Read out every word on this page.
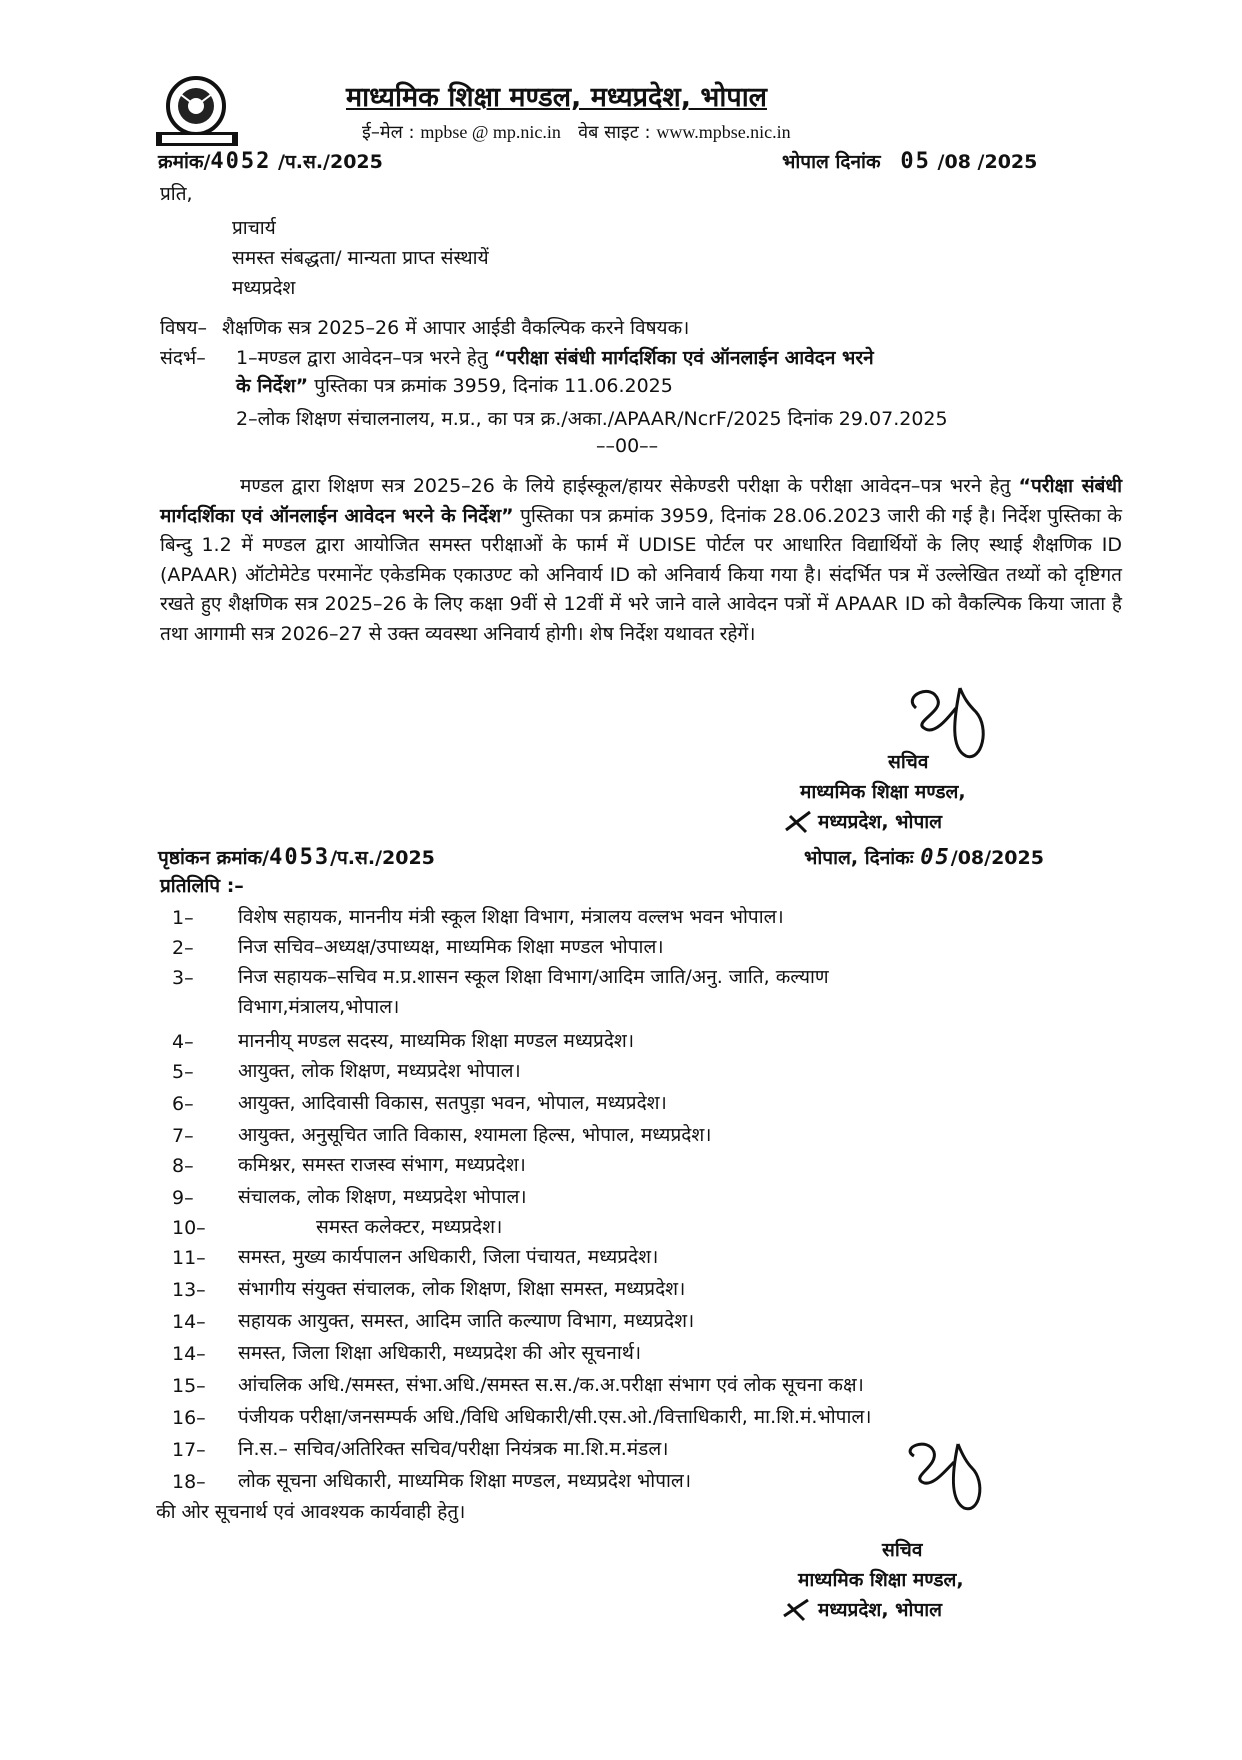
माध्यमिक शिक्षा मण्डल, मध्यप्रदेश, भोपाल
ई–मेल : mpbse @ mp.nic.in वेब साइट : www.mpbse.nic.in
क्रमांक/4052 /प.स./2025	भोपाल दिनांक 05 /08 /2025
प्रति,
प्राचार्य
समस्त संबद्धता/ मान्यता प्राप्त संस्थायें
मध्यप्रदेश
विषय– शैक्षणिक सत्र 2025–26 में आपार आईडी वैकल्पिक करने विषयक।
संदर्भ– 1–मण्डल द्वारा आवेदन–पत्र भरने हेतु “परीक्षा संबंधी मार्गदर्शिका एवं ऑनलाईन आवेदन भरने
के निर्देश” पुस्तिका पत्र क्रमांक 3959, दिनांक 11.06.2025
2–लोक शिक्षण संचालनालय, म.प्र., का पत्र क्र./अका./APAAR/NcrF/2025 दिनांक 29.07.2025
––00––
मण्डल द्वारा शिक्षण सत्र 2025–26 के लिये हाईस्कूल/हायर सेकेण्डरी परीक्षा के परीक्षा आवेदन–पत्र भरने हेतु “परीक्षा संबंधी मार्गदर्शिका एवं ऑनलाईन आवेदन भरने के निर्देश” पुस्तिका पत्र क्रमांक 3959, दिनांक 28.06.2023 जारी की गई है। निर्देश पुस्तिका के बिन्दु 1.2 में मण्डल द्वारा आयोजित समस्त परीक्षाओं के फार्म में UDISE पोर्टल पर आधारित विद्यार्थियों के लिए स्थाई शैक्षणिक ID (APAAR) ऑटोमेटेड परमानेंट एकेडमिक एकाउण्ट को अनिवार्य ID को अनिवार्य किया गया है। संदर्भित पत्र में उल्लेखित तथ्यों को दृष्टिगत रखते हुए शैक्षणिक सत्र 2025–26 के लिए कक्षा 9वीं से 12वीं में भरे जाने वाले आवेदन पत्रों में APAAR ID को वैकल्पिक किया जाता है तथा आगामी सत्र 2026–27 से उक्त व्यवस्था अनिवार्य होगी। शेष निर्देश यथावत रहेगें।
सचिव
माध्यमिक शिक्षा मण्डल,
मध्यप्रदेश, भोपाल
पृष्ठांकन क्रमांक/4053/प.स./2025	भोपाल, दिनांकः 05/08/2025
प्रतिलिपि :–
1– विशेष सहायक, माननीय मंत्री स्कूल शिक्षा विभाग, मंत्रालय वल्लभ भवन भोपाल।
2– निज सचिव–अध्यक्ष/उपाध्यक्ष, माध्यमिक शिक्षा मण्डल भोपाल।
3– निज सहायक–सचिव म.प्र.शासन स्कूल शिक्षा विभाग/आदिम जाति/अनु. जाति, कल्याण
विभाग,मंत्रालय,भोपाल।
4– माननीय् मण्डल सदस्य, माध्यमिक शिक्षा मण्डल मध्यप्रदेश।
5– आयुक्त, लोक शिक्षण, मध्यप्रदेश भोपाल।
6– आयुक्त, आदिवासी विकास, सतपुड़ा भवन, भोपाल, मध्यप्रदेश।
7– आयुक्त, अनुसूचित जाति विकास, श्यामला हिल्स, भोपाल, मध्यप्रदेश।
8– कमिश्नर, समस्त राजस्व संभाग, मध्यप्रदेश।
9– संचालक, लोक शिक्षण, मध्यप्रदेश भोपाल।
10–	समस्त कलेक्टर, मध्यप्रदेश।
11– समस्त, मुख्य कार्यपालन अधिकारी, जिला पंचायत, मध्यप्रदेश।
13– संभागीय संयुक्त संचालक, लोक शिक्षण, शिक्षा समस्त, मध्यप्रदेश।
14– सहायक आयुक्त, समस्त, आदिम जाति कल्याण विभाग, मध्यप्रदेश।
14– समस्त, जिला शिक्षा अधिकारी, मध्यप्रदेश की ओर सूचनार्थ।
15– आंचलिक अधि./समस्त, संभा.अधि./समस्त स.स./क.अ.परीक्षा संभाग एवं लोक सूचना कक्ष।
16– पंजीयक परीक्षा/जनसम्पर्क अधि./विधि अधिकारी/सी.एस.ओ./वित्ताधिकारी, मा.शि.मं.भोपाल।
17– नि.स.– सचिव/अतिरिक्त सचिव/परीक्षा नियंत्रक मा.शि.म.मंडल।
18– लोक सूचना अधिकारी, माध्यमिक शिक्षा मण्डल, मध्यप्रदेश भोपाल।
की ओर सूचनार्थ एवं आवश्यक कार्यवाही हेतु।
सचिव
माध्यमिक शिक्षा मण्डल,
मध्यप्रदेश, भोपाल
